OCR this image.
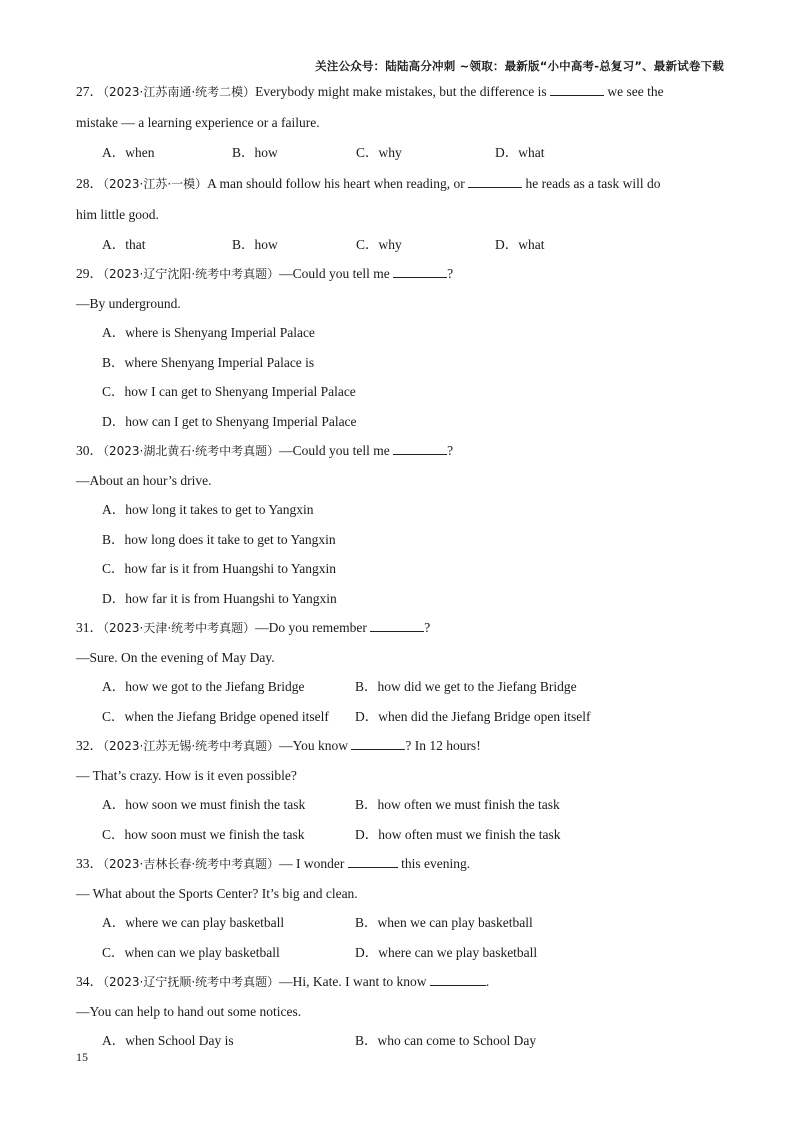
关注公众号：陆陆高分冲刺 ~领取：最新版“小中高考-总复习”、最新试卷下载
27．（2023·江苏南通·统考二模）Everybody might make mistakes, but the difference is	we see the
mistake — a learning experience or a failure.
A．when	B．how	C．why	D．what
28．（2023·江苏·一模）A man should follow his heart when reading, or	he reads as a task will do
him little good.
A．that	B．how	C．why	D．what
29．（2023·辽宁沈阳·统考中考真题）—Could you tell me	?
—By underground.
A．where is Shenyang Imperial Palace
B．where Shenyang Imperial Palace is
C．how I can get to Shenyang Imperial Palace
D．how can I get to Shenyang Imperial Palace
30．（2023·湖北黄石·统考中考真题）—Could you tell me	?
—About an hour’s drive.
A．how long it takes to get to Yangxin
B．how long does it take to get to Yangxin
C．how far is it from Huangshi to Yangxin
D．how far it is from Huangshi to Yangxin
31．（2023·天津·统考中考真题）—Do you remember	?
—Sure. On the evening of May Day.
A．how we got to the Jiefang Bridge	B．how did we get to the Jiefang Bridge
C．when the Jiefang Bridge opened itself D．when did the Jiefang Bridge open itself
32．（2023·江苏无锡·统考中考真题）—You know	? In 12 hours!
— That’s crazy. How is it even possible?
A．how soon we must finish the task	B．how often we must finish the task
C．how soon must we finish the task	D．how often must we finish the task
33．（2023·吉林长春·统考中考真题）— I wonder	this evening.
— What about the Sports Center? It’s big and clean.
A．where we can play basketball	B．when we can play basketball
C．when can we play basketball	D．where can we play basketball
34．（2023·辽宁抚顺·统考中考真题）—Hi, Kate. I want to know	.
—You can help to hand out some notices.
A．when School Day is	B．who can come to School Day
15
